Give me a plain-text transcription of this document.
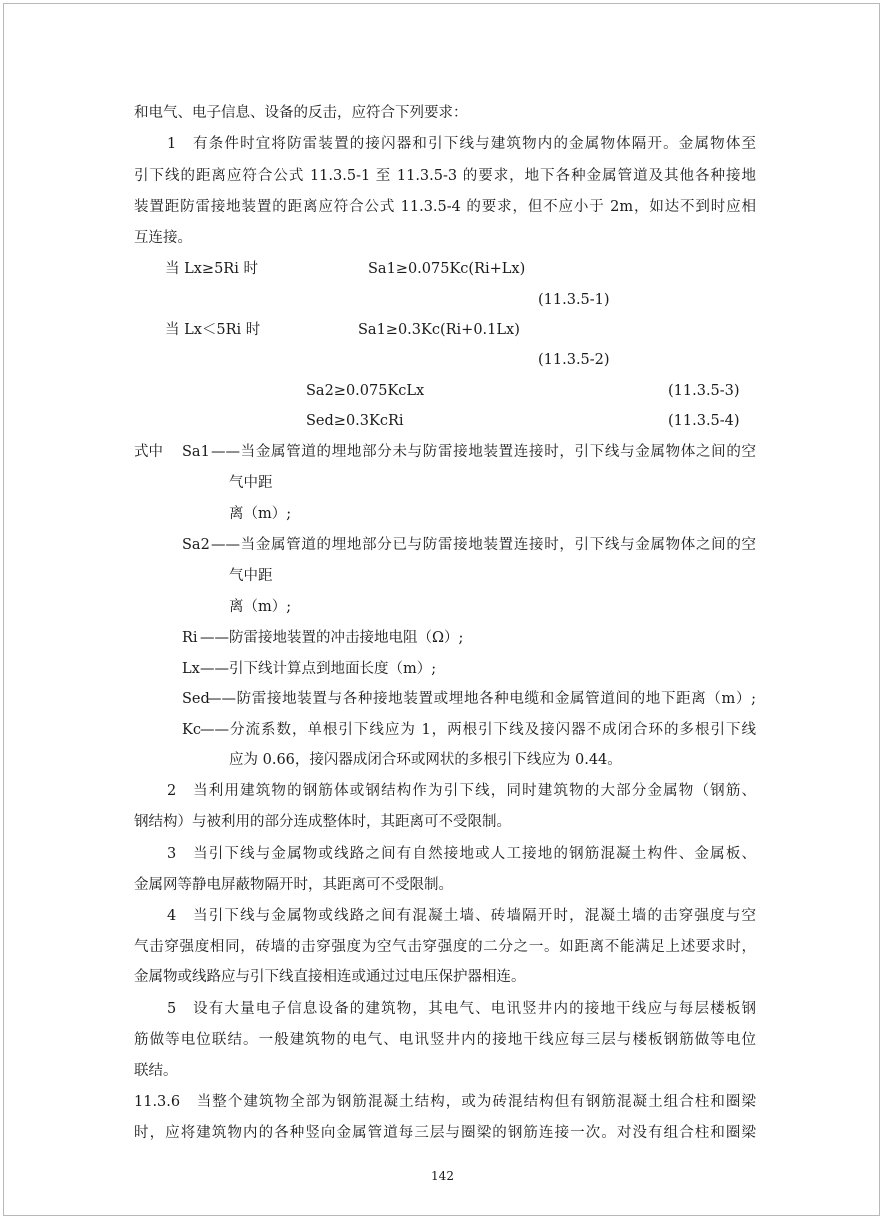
和电气、电子信息、设备的反击，应符合下列要求：
1　有条件时宜将防雷装置的接闪器和引下线与建筑物内的金属物体隔开。金属物体至
引下线的距离应符合公式 11.3.5-1 至 11.3.5-3 的要求，地下各种金属管道及其他各种接地
装置距防雷接地装置的距离应符合公式 11.3.5-4 的要求，但不应小于 2m，如达不到时应相
互连接。
当 Lx≥5Ri 时	Sa1≥0.075Kc(Ri+Lx)
(11.3.5-1)
当 Lx＜5Ri 时	Sa1≥0.3Kc(Ri+0.1Lx)
(11.3.5-2)
Sa2≥0.075KcLx	(11.3.5-3)
Sed≥0.3KcRi	(11.3.5-4)
式中 Sa1 ——当金属管道的埋地部分未与防雷接地装置连接时，引下线与金属物体之间的空
气中距
离（m）;
Sa2 ——当金属管道的埋地部分已与防雷接地装置连接时，引下线与金属物体之间的空
气中距
离（m）;
Ri ——防雷接地装置的冲击接地电阻（Ω）;
Lx ——引下线计算点到地面长度（m）;
Sed
——防雷接地装置与各种接地装置或埋地各种电缆和金属管道间的地下距离（m）;
Kc ——分流系数，单根引下线应为 1，两根引下线及接闪器不成闭合环的多根引下线
应为 0.66，接闪器成闭合环或网状的多根引下线应为 0.44。
2　当利用建筑物的钢筋体或钢结构作为引下线，同时建筑物的大部分金属物（钢筋、
钢结构）与被利用的部分连成整体时，其距离可不受限制。
3　当引下线与金属物或线路之间有自然接地或人工接地的钢筋混凝土构件、金属板、
金属网等静电屏蔽物隔开时，其距离可不受限制。
4　当引下线与金属物或线路之间有混凝土墙、砖墙隔开时，混凝土墙的击穿强度与空
气击穿强度相同，砖墙的击穿强度为空气击穿强度的二分之一。如距离不能满足上述要求时，
金属物或线路应与引下线直接相连或通过过电压保护器相连。
5　设有大量电子信息设备的建筑物，其电气、电讯竖井内的接地干线应与每层楼板钢
筋做等电位联结。一般建筑物的电气、电讯竖井内的接地干线应每三层与楼板钢筋做等电位
联结。
11.3.6　当整个建筑物全部为钢筋混凝土结构，或为砖混结构但有钢筋混凝土组合柱和圈梁
时，应将建筑物内的各种竖向金属管道每三层与圈梁的钢筋连接一次。对没有组合柱和圈梁
142
